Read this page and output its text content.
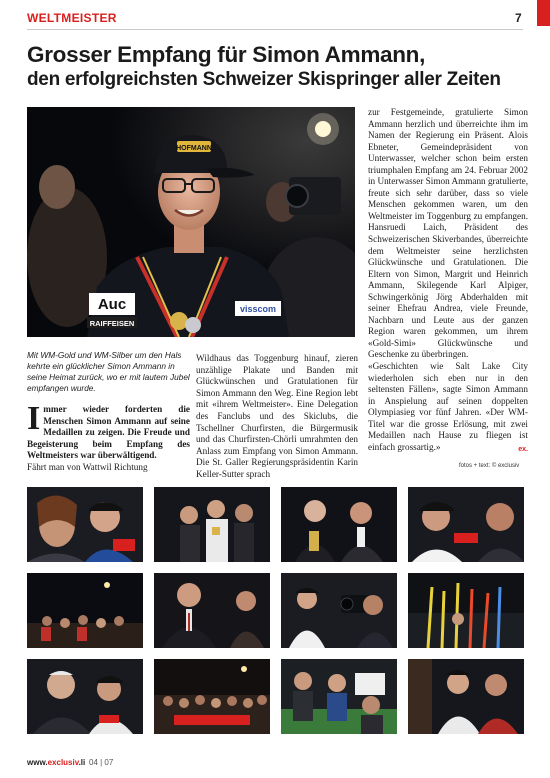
WELTMEISTER	7
Grosser Empfang für Simon Ammann,
den erfolgreichsten Schweizer Skispringer aller Zeiten
Auc
RAIFFEISEN
visscom
HOFMANN

Mit WM-Gold und WM-Silber um den Hals kehrte ein glücklicher Simon Ammann in seine Heimat zurück, wo er mit lautem Jubel empfangen wurde.

Immer wieder forderten die Menschen Simon Ammann auf seine Medaillen zu zeigen. Die Freude und Begeisterung beim Empfang des Weltmeisters war überwältigend.
Fährt man von Wattwil Richtung

Wildhaus das Toggenburg hinauf, zieren unzählige Plakate und Banden mit Glückwünschen und Gratulationen für Simon Ammann den Weg. Eine Region lebt mit «ihrem Weltmeister». Eine Delegation des Fanclubs und des Skiclubs, die Tschellner Churfirsten, die Bürgermusik und das Churfirsten-Chörli umrahmten den Anlass zum Empfang von Simon Ammann. Die St. Galler Regierungspräsidentin Karin Keller-Sutter sprach

zur Festgemeinde, gratulierte Simon Ammann herzlich und überreichte ihm im Namen der Regierung ein Präsent. Alois Ebneter, Gemeindepräsident von Unterwasser, welcher schon beim ersten triumphalen Empfang am 24. Februar 2002 in Unterwasser Simon Ammann gratulierte, freute sich sehr darüber, dass so viele Menschen gekommen waren, um den Weltmeister im Toggenburg zu empfangen. Hansruedi Laich, Präsident des Schweizerischen Skiverbandes, überreichte dem Weltmeister seine herzlichsten Glückwünsche und Gratulationen. Die Eltern von Simon, Margrit und Heinrich Ammann, Skilegende Karl Alpiger, Schwingerkönig Jörg Abderhalden mit seiner Ehefrau Andrea, viele Freunde, Nachbarn und Leute aus der ganzen Region waren gekommen, um ihrem «Gold-Simi» Glückwünsche und Geschenke zu überbringen.

«Geschichten wie Salt Lake City wiederholen sich eben nur in den seltensten Fällen», sagte Simon Ammann in Anspielung auf seinen doppelten Olympiasieg vor fünf Jahren. «Der WM-Titel war die grosse Erlösung, mit zwei Medaillen nach Hause zu fliegen ist einfach grossartig.»	ex.

fotos + text: © exclusiv
www.exclusiv.li 04 | 07
